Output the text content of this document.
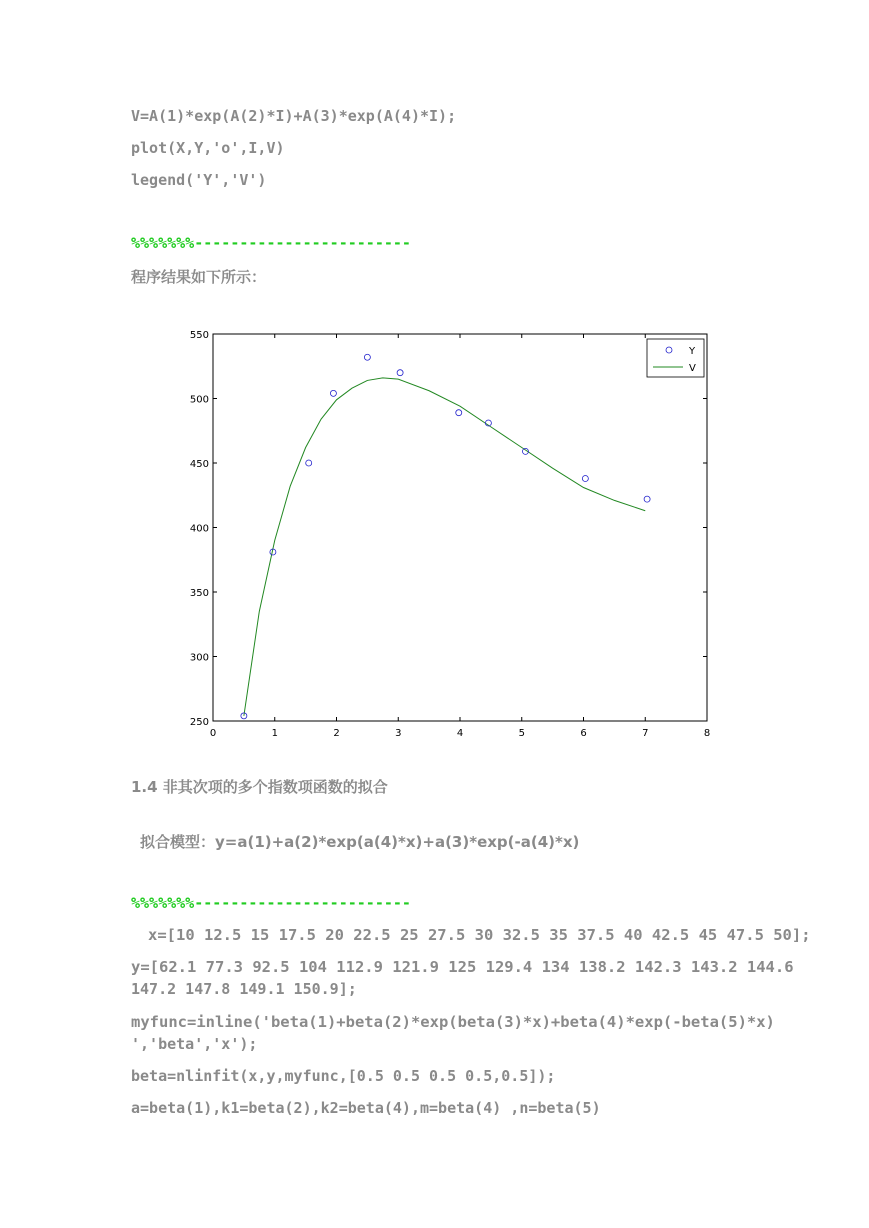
V=A(1)*exp(A(2)*I)+A(3)*exp(A(4)*I);
plot(X,Y,'o',I,V)
legend('Y','V')
%%%%%%%------------------------
程序结果如下所示：
0	1	2	3	4	5	6	7	8
250
300
350
400
450
500
550
Y
V
1.4 非其次项的多个指数项函数的拟合
拟合模型：y=a(1)+a(2)*exp(a(4)*x)+a(3)*exp(-a(4)*x)
%%%%%%%------------------------
x=[10 12.5 15 17.5 20 22.5 25 27.5 30 32.5 35 37.5 40 42.5 45 47.5 50];
y=[62.1 77.3 92.5 104 112.9 121.9 125 129.4 134 138.2 142.3 143.2 144.6
147.2 147.8 149.1 150.9];
myfunc=inline('beta(1)+beta(2)*exp(beta(3)*x)+beta(4)*exp(-beta(5)*x)
','beta','x');
beta=nlinfit(x,y,myfunc,[0.5 0.5 0.5 0.5,0.5]);
a=beta(1),k1=beta(2),k2=beta(4),m=beta(4) ,n=beta(5)
